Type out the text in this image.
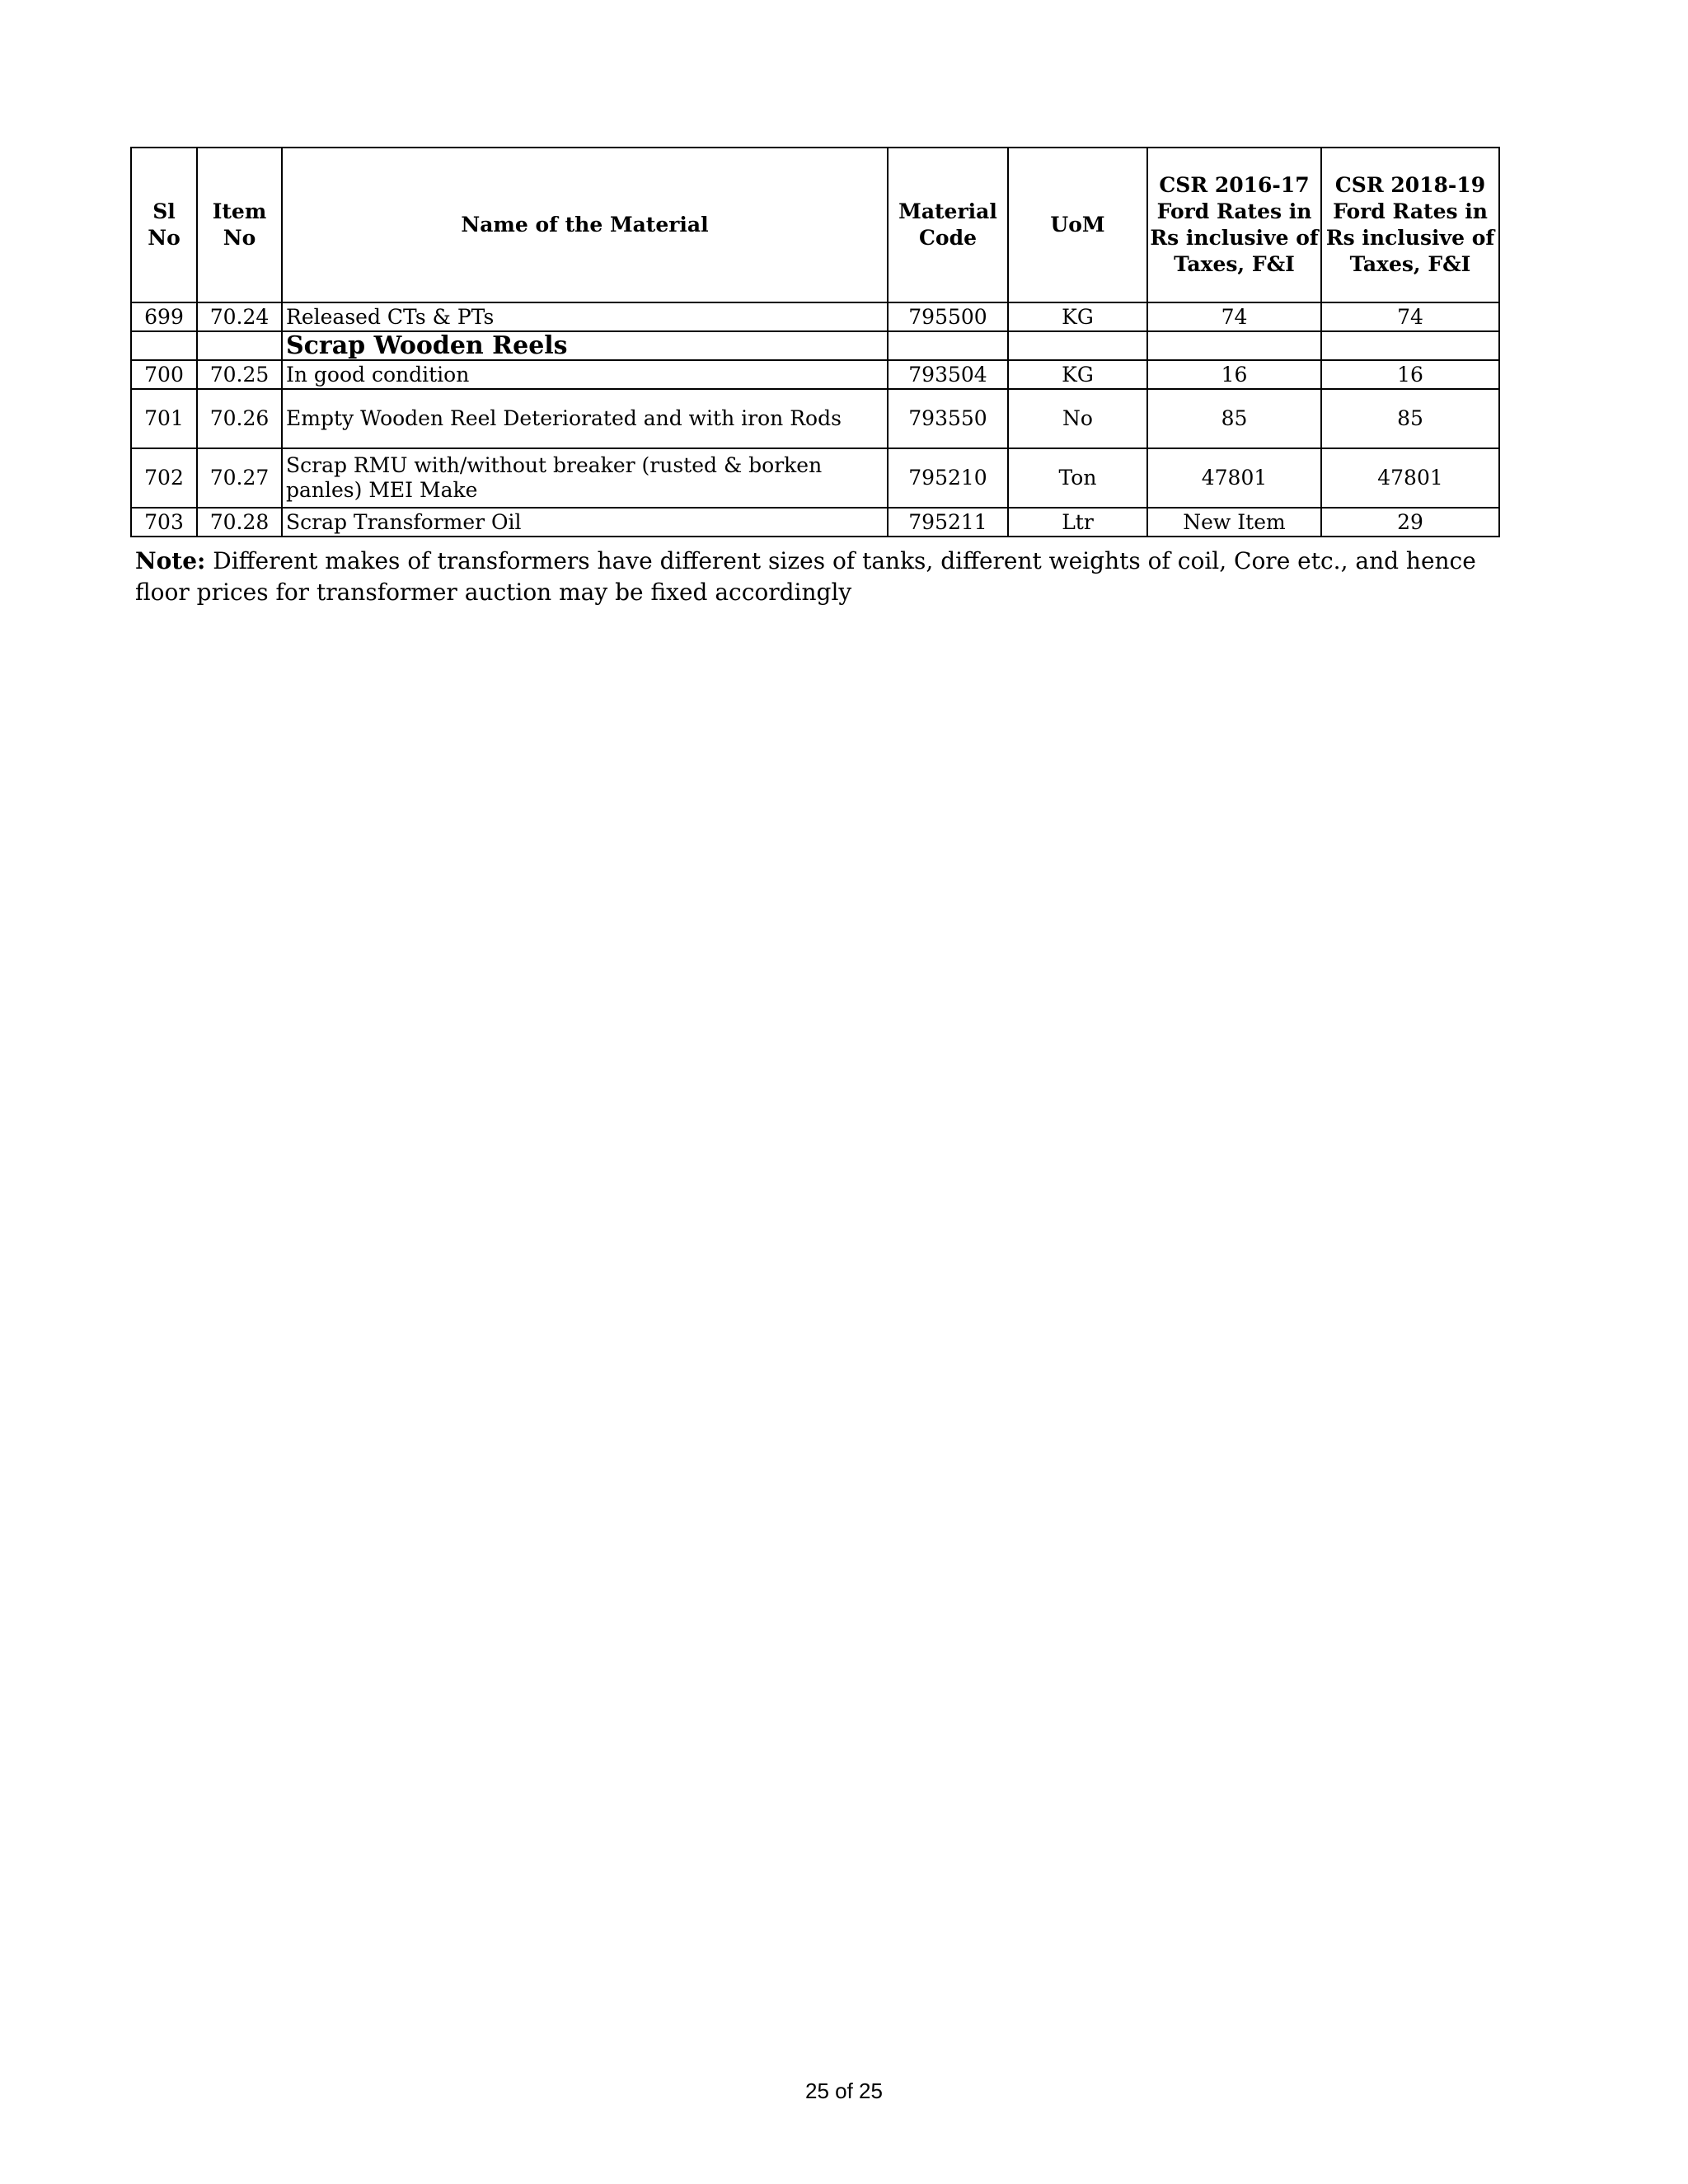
Sl No	Item No	Name of the Material	Material Code	UoM	CSR 2016-17 Ford Rates in Rs inclusive of Taxes, F&I	CSR 2018-19 Ford Rates in Rs inclusive of Taxes, F&I
699	70.24	Released CTs & PTs	795500	KG	74	74
		Scrap Wooden Reels				
700	70.25	In good condition	793504	KG	16	16
701	70.26	Empty Wooden Reel Deteriorated and with iron Rods	793550	No	85	85
702	70.27	Scrap RMU with/without breaker (rusted & borken panles) MEI Make	795210	Ton	47801	47801
703	70.28	Scrap Transformer Oil	795211	Ltr	New Item	29
Note: Different makes of transformers have different sizes of tanks, different weights of coil, Core etc., and hence floor prices for transformer auction may be fixed accordingly
25 of 25
